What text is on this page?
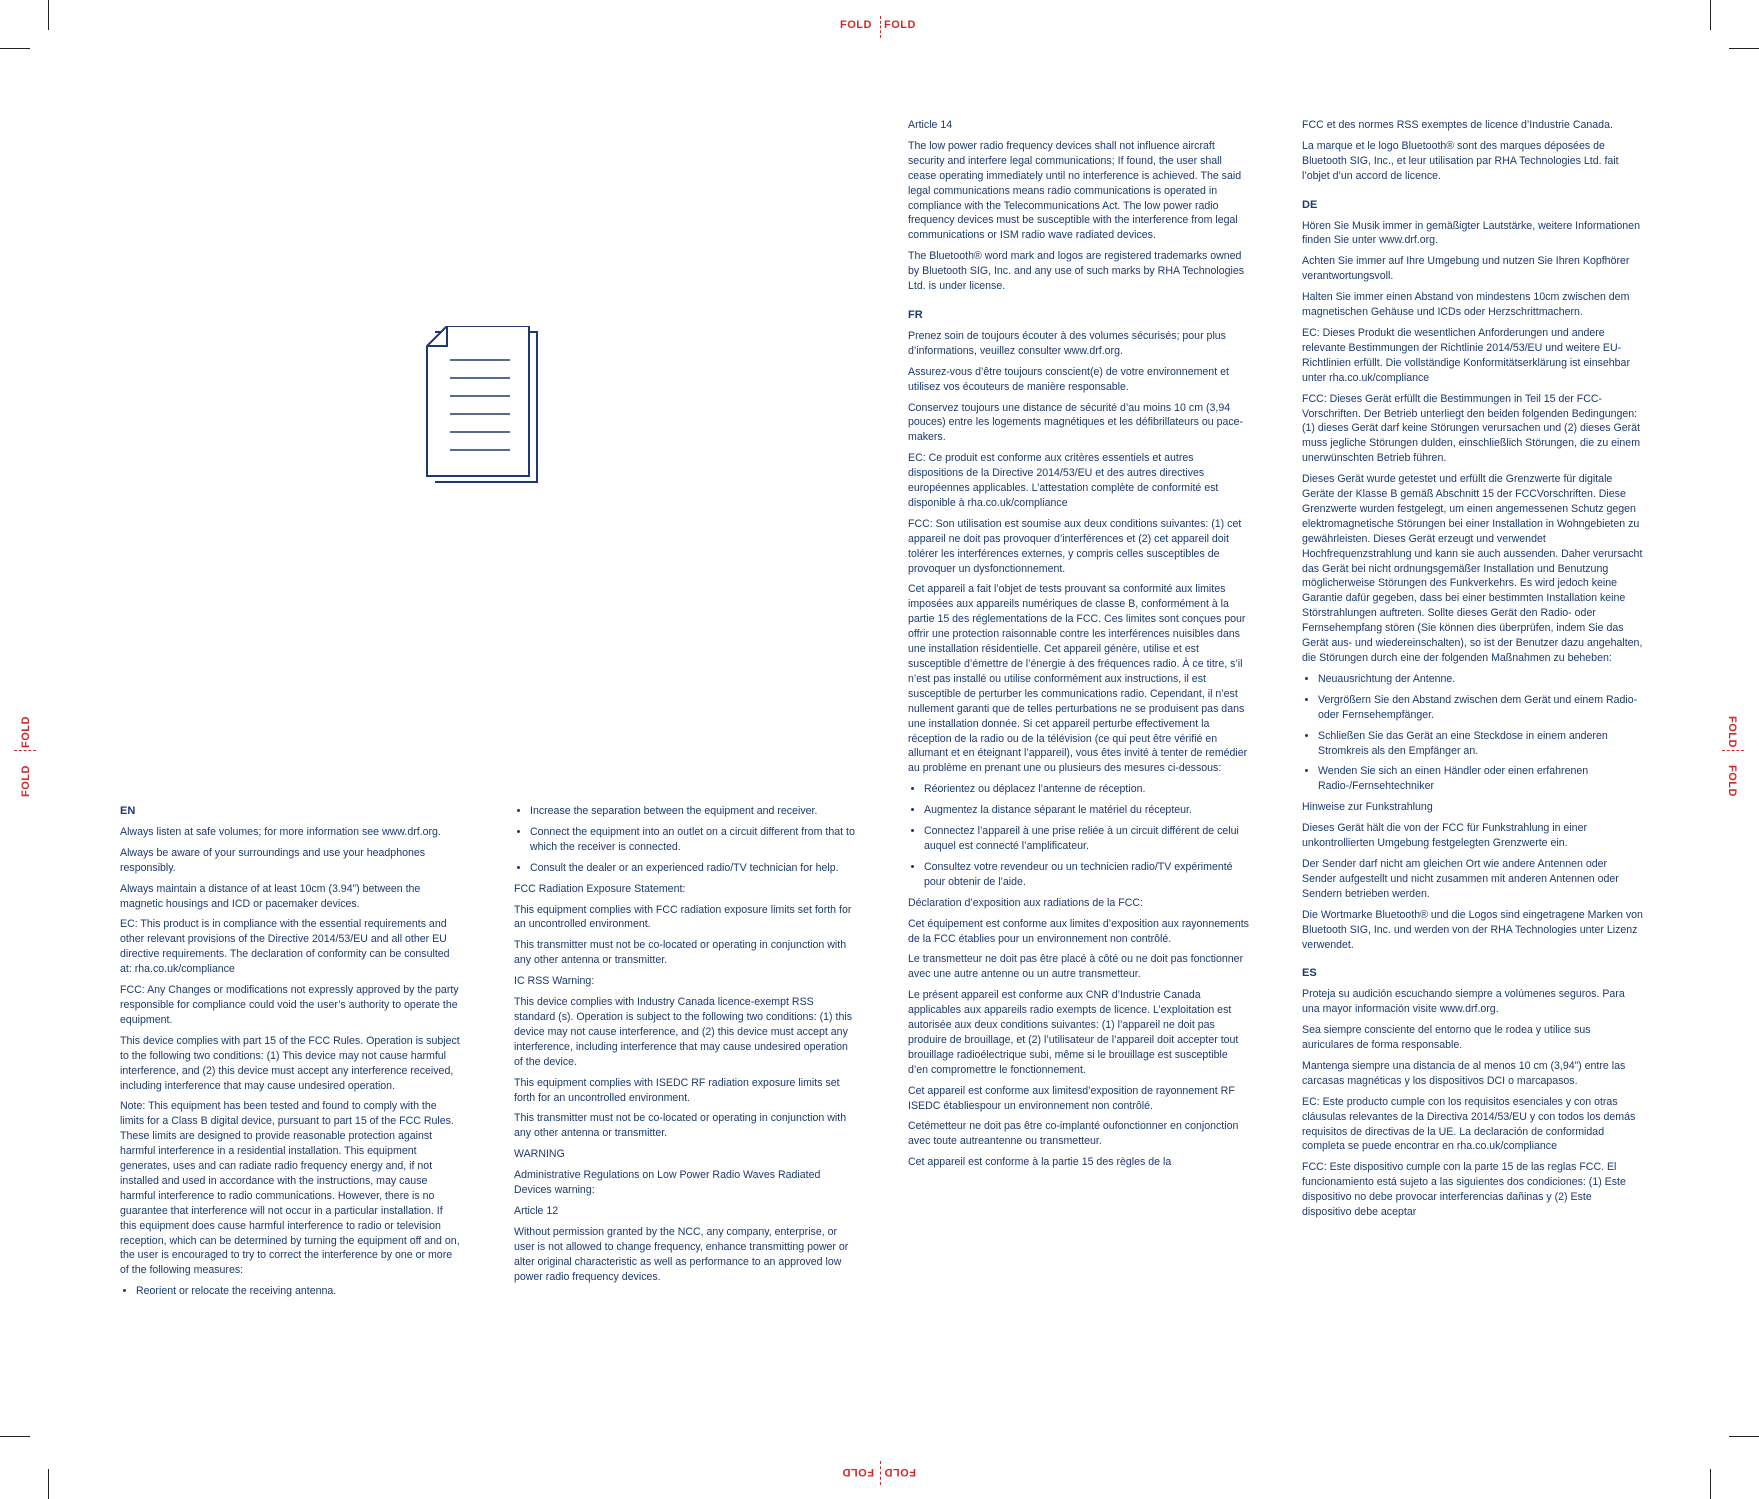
FOLD FOLD
FOLD FOLD
FOLD
FOLD	FOLD
FOLD
EN

Always listen at safe volumes; for more information see www.drf.org.

Always be aware of your surroundings and use your headphones responsibly.

Always maintain a distance of at least 10cm (3.94”) between the magnetic housings and ICD or pacemaker devices.

EC: This product is in compliance with the essential requirements and other relevant provisions of the Directive 2014/53/EU and all other EU directive requirements. The declaration of conformity can be consulted at: rha.co.uk/compliance

FCC: Any Changes or modifications not expressly approved by the party responsible for compliance could void the user’s authority to operate the equipment.

This device complies with part 15 of the FCC Rules. Operation is subject to the following two conditions: (1) This device may not cause harmful interference, and (2) this device must accept any interference received, including interference that may cause undesired operation.

Note: This equipment has been tested and found to comply with the limits for a Class B digital device, pursuant to part 15 of the FCC Rules. These limits are designed to provide reasonable protection against harmful interference in a residential installation. This equipment generates, uses and can radiate radio frequency energy and, if not installed and used in accordance with the instructions, may cause harmful interference to radio communications. However, there is no guarantee that interference will not occur in a particular installation. If this equipment does cause harmful interference to radio or television reception, which can be determined by turning the equipment off and on, the user is encouraged to try to correct the interference by one or more of the following measures:

• Reorient or relocate the receiving antenna.
• Increase the separation between the equipment and receiver.
• Connect the equipment into an outlet on a circuit different from that to which the receiver is connected.
• Consult the dealer or an experienced radio/TV technician for help.

FCC Radiation Exposure Statement:

This equipment complies with FCC radiation exposure limits set forth for an uncontrolled environment.

This transmitter must not be co-located or operating in conjunction with any other antenna or transmitter.

IC RSS Warning:

This device complies with Industry Canada licence-exempt RSS standard (s). Operation is subject to the following two conditions: (1) this device may not cause interference, and (2) this device must accept any interference, including interference that may cause undesired operation of the device.

This equipment complies with ISEDC RF radiation exposure limits set forth for an uncontrolled environment.

This transmitter must not be co-located or operating in conjunction with any other antenna or transmitter.

WARNING

Administrative Regulations on Low Power Radio Waves Radiated Devices warning:

Article 12

Without permission granted by the NCC, any company, enterprise, or user is not allowed to change frequency, enhance transmitting power or alter original characteristic as well as performance to an approved low power radio frequency devices.

Article 14

The low power radio frequency devices shall not influence aircraft security and interfere legal communications; If found, the user shall cease operating immediately until no interference is achieved. The said legal communications means radio communications is operated in compliance with the Telecommunications Act. The low power radio frequency devices must be susceptible with the interference from legal communications or ISM radio wave radiated devices.

The Bluetooth® word mark and logos are registered trademarks owned by Bluetooth SIG, Inc. and any use of such marks by RHA Technologies Ltd. is under license.

FR

Prenez soin de toujours écouter à des volumes sécurisés; pour plus d’informations, veuillez consulter www.drf.org.

Assurez-vous d’être toujours conscient(e) de votre environnement et utilisez vos écouteurs de manière responsable.

Conservez toujours une distance de sécurité d’au moins 10 cm (3,94 pouces) entre les logements magnétiques et les défibrillateurs ou pace-makers.

EC: Ce produit est conforme aux critères essentiels et autres dispositions de la Directive 2014/53/EU et des autres directives européennes applicables. L’attestation complète de conformité est disponible à rha.co.uk/compliance

FCC: Son utilisation est soumise aux deux conditions suivantes: (1) cet appareil ne doit pas provoquer d’interférences et (2) cet appareil doit tolérer les interférences externes, y compris celles susceptibles de provoquer un dysfonctionnement.

Cet appareil a fait l’objet de tests prouvant sa conformité aux limites imposées aux appareils numériques de classe B, conformément à la partie 15 des réglementations de la FCC. Ces limites sont conçues pour offrir une protection raisonnable contre les interférences nuisibles dans une installation résidentielle. Cet appareil génère, utilise et est susceptible d’émettre de l’énergie à des fréquences radio. À ce titre, s’il n’est pas installé ou utilise conformément aux instructions, il est susceptible de perturber les communications radio. Cependant, il n’est nullement garanti que de telles perturbations ne se produisent pas dans une installation donnée. Si cet appareil perturbe effectivement la réception de la radio ou de la télévision (ce qui peut être vérifié en allumant et en éteignant l’appareil), vous êtes invité à tenter de remédier au problème en prenant une ou plusieurs des mesures ci-dessous:

• Réorientez ou déplacez l’antenne de réception.
• Augmentez la distance séparant le matériel du récepteur.
• Connectez l’appareil à une prise reliée à un circuit différent de celui auquel est connecté l’amplificateur.
• Consultez votre revendeur ou un technicien radio/TV expérimenté pour obtenir de l’aide.

Déclaration d’exposition aux radiations de la FCC:

Cet équipement est conforme aux limites d’exposition aux rayonnements de la FCC établies pour un environnement non contrôlé.

Le transmetteur ne doit pas être placé à côté ou ne doit pas fonctionner avec une autre antenne ou un autre transmetteur.

Le présent appareil est conforme aux CNR d’Industrie Canada applicables aux appareils radio exempts de licence. L’exploitation est autorisée aux deux conditions suivantes: (1) l’appareil ne doit pas produire de brouillage, et (2) l’utilisateur de l’appareil doit accepter tout brouillage radioélectrique subi, même si le brouillage est susceptible d’en compromettre le fonctionnement.

Cet appareil est conforme aux limitesd’exposition de rayonnement RF ISEDC établiespour un environnement non contrôlé.

Cetémetteur ne doit pas être co-implanté oufonctionner en conjonction avec toute autreantenne ou transmetteur.

Cet appareil est conforme à la partie 15 des règles de la

FCC et des normes RSS exemptes de licence d’Industrie Canada.

La marque et le logo Bluetooth® sont des marques déposées de Bluetooth SIG, Inc., et leur utilisation par RHA Technologies Ltd. fait l’objet d’un accord de licence.

DE

Hören Sie Musik immer in gemäßigter Lautstärke, weitere Informationen finden Sie unter www.drf.org.

Achten Sie immer auf Ihre Umgebung und nutzen Sie Ihren Kopfhörer verantwortungsvoll.

Halten Sie immer einen Abstand von mindestens 10cm zwischen dem magnetischen Gehäuse und ICDs oder Herzschrittmachern.

EC: Dieses Produkt die wesentlichen Anforderungen und andere relevante Bestimmungen der Richtlinie 2014/53/EU und weitere EU-Richtlinien erfüllt. Die vollständige Konformitätserklärung ist einsehbar unter rha.co.uk/compliance

FCC: Dieses Gerät erfüllt die Bestimmungen in Teil 15 der FCC-Vorschriften. Der Betrieb unterliegt den beiden folgenden Bedingungen: (1) dieses Gerät darf keine Störungen verursachen und (2) dieses Gerät muss jegliche Störungen dulden, einschließlich Störungen, die zu einem unerwünschten Betrieb führen.

Dieses Gerät wurde getestet und erfüllt die Grenzwerte für digitale Geräte der Klasse B gemäß Abschnitt 15 der FCCVorschriften. Diese Grenzwerte wurden festgelegt, um einen angemessenen Schutz gegen elektromagnetische Störungen bei einer Installation in Wohngebieten zu gewährleisten. Dieses Gerät erzeugt und verwendet Hochfrequenzstrahlung und kann sie auch aussenden. Daher verursacht das Gerät bei nicht ordnungsgemäßer Installation und Benutzung möglicherweise Störungen des Funkverkehrs. Es wird jedoch keine Garantie dafür gegeben, dass bei einer bestimmten Installation keine Störstrahlungen auftreten. Sollte dieses Gerät den Radio- oder Fernsehempfang stören (Sie können dies überprüfen, indem Sie das Gerät aus- und wiedereinschalten), so ist der Benutzer dazu angehalten, die Störungen durch eine der folgenden Maßnahmen zu beheben:

• Neuausrichtung der Antenne.
• Vergrößern Sie den Abstand zwischen dem Gerät und einem Radio- oder Fernsehempfänger.
• Schließen Sie das Gerät an eine Steckdose in einem anderen Stromkreis als den Empfänger an.
• Wenden Sie sich an einen Händler oder einen erfahrenen Radio-/Fernsehtechniker

Hinweise zur Funkstrahlung

Dieses Gerät hält die von der FCC für Funkstrahlung in einer unkontrollierten Umgebung festgelegten Grenzwerte ein.

Der Sender darf nicht am gleichen Ort wie andere Antennen oder Sender aufgestellt und nicht zusammen mit anderen Antennen oder Sendern betrieben werden.

Die Wortmarke Bluetooth® und die Logos sind eingetragene Marken von Bluetooth SIG, Inc. und werden von der RHA Technologies unter Lizenz verwendet.

ES

Proteja su audición escuchando siempre a volúmenes seguros. Para una mayor información visite www.drf.org.

Sea siempre consciente del entorno que le rodea y utilice sus auriculares de forma responsable.

Mantenga siempre una distancia de al menos 10 cm (3,94”) entre las carcasas magnéticas y los dispositivos DCI o marcapasos.

EC: Este producto cumple con los requisitos esenciales y con otras cláusulas relevantes de la Directiva 2014/53/EU y con todos los demás requisitos de directivas de la UE. La declaración de conformidad completa se puede encontrar en rha.co.uk/compliance

FCC: Este dispositivo cumple con la parte 15 de las reglas FCC. El funcionamiento está sujeto a las siguientes dos condiciones: (1) Este dispositivo no debe provocar interferencias dañinas y (2) Este dispositivo debe aceptar
